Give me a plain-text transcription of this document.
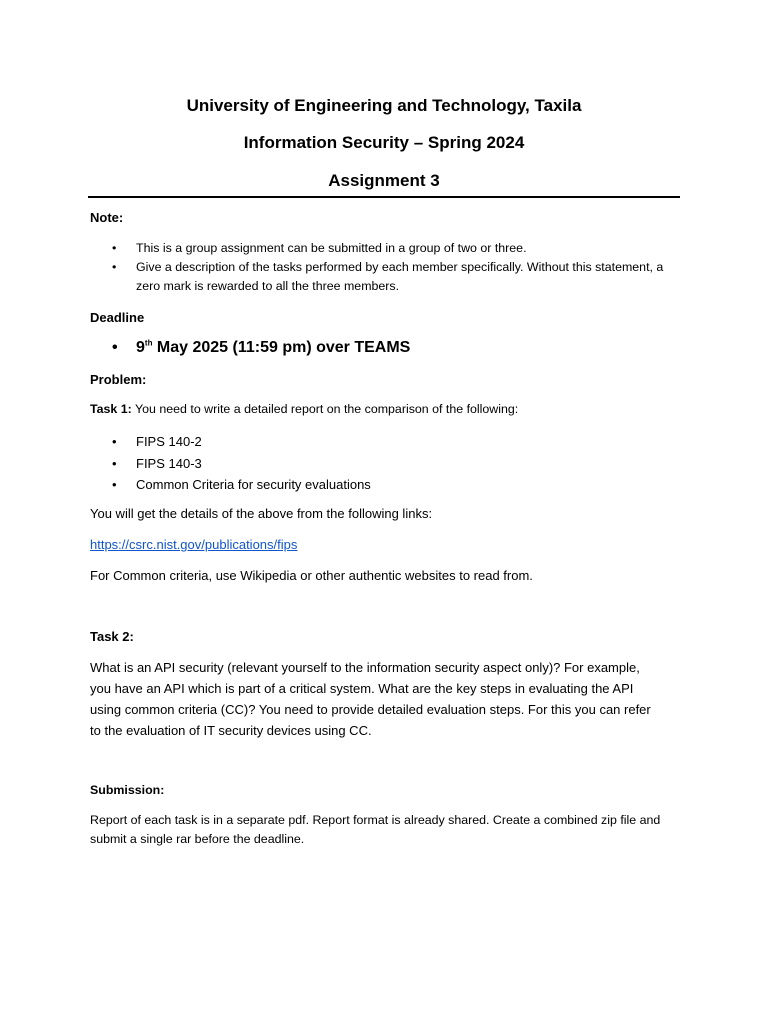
University of Engineering and Technology, Taxila
Information Security – Spring 2024
Assignment 3
Note:
• This is a group assignment can be submitted in a group of two or three.
• Give a description of the tasks performed by each member specifically. Without this statement, a
zero mark is rewarded to all the three members.
Deadline
• 9th May 2025 (11:59 pm) over TEAMS
Problem:
Task 1: You need to write a detailed report on the comparison of the following:
• FIPS 140-2
• FIPS 140-3
• Common Criteria for security evaluations
You will get the details of the above from the following links:
https://csrc.nist.gov/publications/fips
For Common criteria, use Wikipedia or other authentic websites to read from.
Task 2:
What is an API security (relevant yourself to the information security aspect only)? For example,
you have an API which is part of a critical system. What are the key steps in evaluating the API
using common criteria (CC)? You need to provide detailed evaluation steps. For this you can refer
to the evaluation of IT security devices using CC.
Submission:
Report of each task is in a separate pdf. Report format is already shared. Create a combined zip file and
submit a single rar before the deadline.
